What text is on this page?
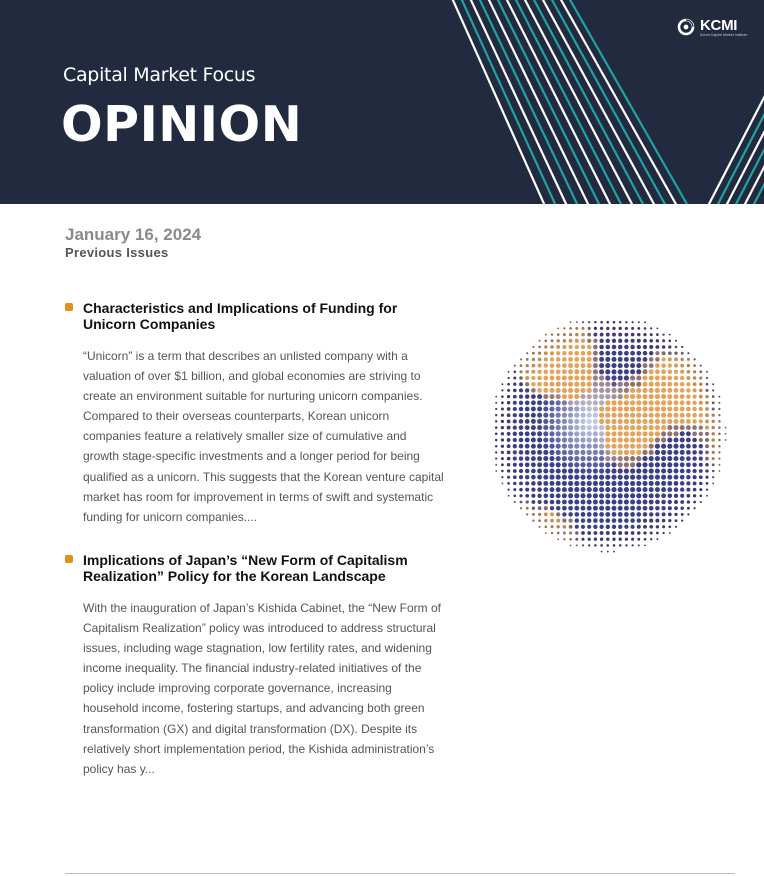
Capital Market Focus
OPINION
KCMI
Korea Capital Market Institute
January 16, 2024
Previous Issues
Characteristics and Implications of Funding for Unicorn Companies
“Unicorn” is a term that describes an unlisted company with a valuation of over $1 billion, and global economies are striving to create an environment suitable for nurturing unicorn companies. Compared to their overseas counterparts, Korean unicorn companies feature a relatively smaller size of cumulative and growth stage-specific investments and a longer period for being qualified as a unicorn. This suggests that the Korean venture capital market has room for improvement in terms of swift and systematic funding for unicorn companies....
Implications of Japan’s “New Form of Capitalism Realization” Policy for the Korean Landscape
With the inauguration of Japan’s Kishida Cabinet, the “New Form of Capitalism Realization” policy was introduced to address structural issues, including wage stagnation, low fertility rates, and widening income inequality. The financial industry-related initiatives of the policy include improving corporate governance, increasing household income, fostering startups, and advancing both green transformation (GX) and digital transformation (DX). Despite its relatively short implementation period, the Kishida administration’s policy has y...
